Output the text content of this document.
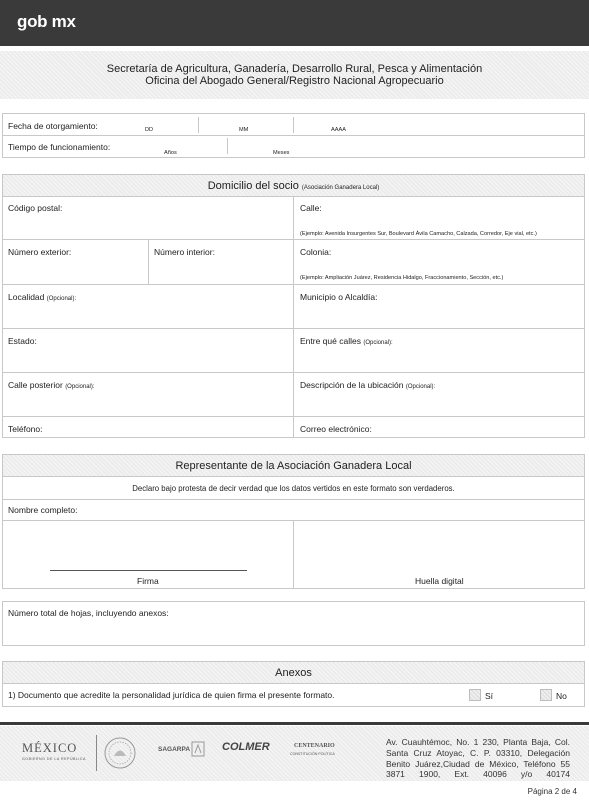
gob mx
Secretaría de Agricultura, Ganadería, Desarrollo Rural, Pesca y Alimentación
Oficina del Abogado General/Registro Nacional Agropecuario
Fecha de otorgamiento:	DD	MM	AAAA
Tiempo de funcionamiento:
Años	Meses
Domicilio del socio (Asociación Ganadera Local)
Código postal:	Calle:
(Ejemplo: Avenida Insurgentes Sur, Boulevard Ávila Camacho, Calzada, Corredor, Eje vial, etc.)
Número exterior:	Número interior:	Colonia:
(Ejemplo: Ampliación Juárez, Residencia Hidalgo, Fraccionamiento, Sección, etc.)
Localidad (Opcional):	Municipio o Alcaldía:
Estado:	Entre qué calles (Opcional):
Calle posterior (Opcional):	Descripción de la ubicación (Opcional):
Teléfono:	Correo electrónico:
Representante de la Asociación Ganadera Local
Declaro bajo protesta de decir verdad que los datos vertidos en este formato son verdaderos.
Nombre completo:
Firma	Huella digital
Número total de hojas, incluyendo anexos:
Anexos
1) Documento que acredite la personalidad jurídica de quien firma el presente formato.	Sí	No
MÉXICO
GOBIERNO DE LA REPÚBLICA
SAGARPA	COLMER	CENTENARIO
CONSTITUCIÓN POLÍTICA
Av. Cuauhtémoc, No. 1 230, Planta Baja, Col. Santa Cruz Atoyac, C. P. 03310, Delegación Benito Juárez,Ciudad de México, Teléfono 55 3871 1900, Ext. 40096 y/o 40174
Página 2 de 4
